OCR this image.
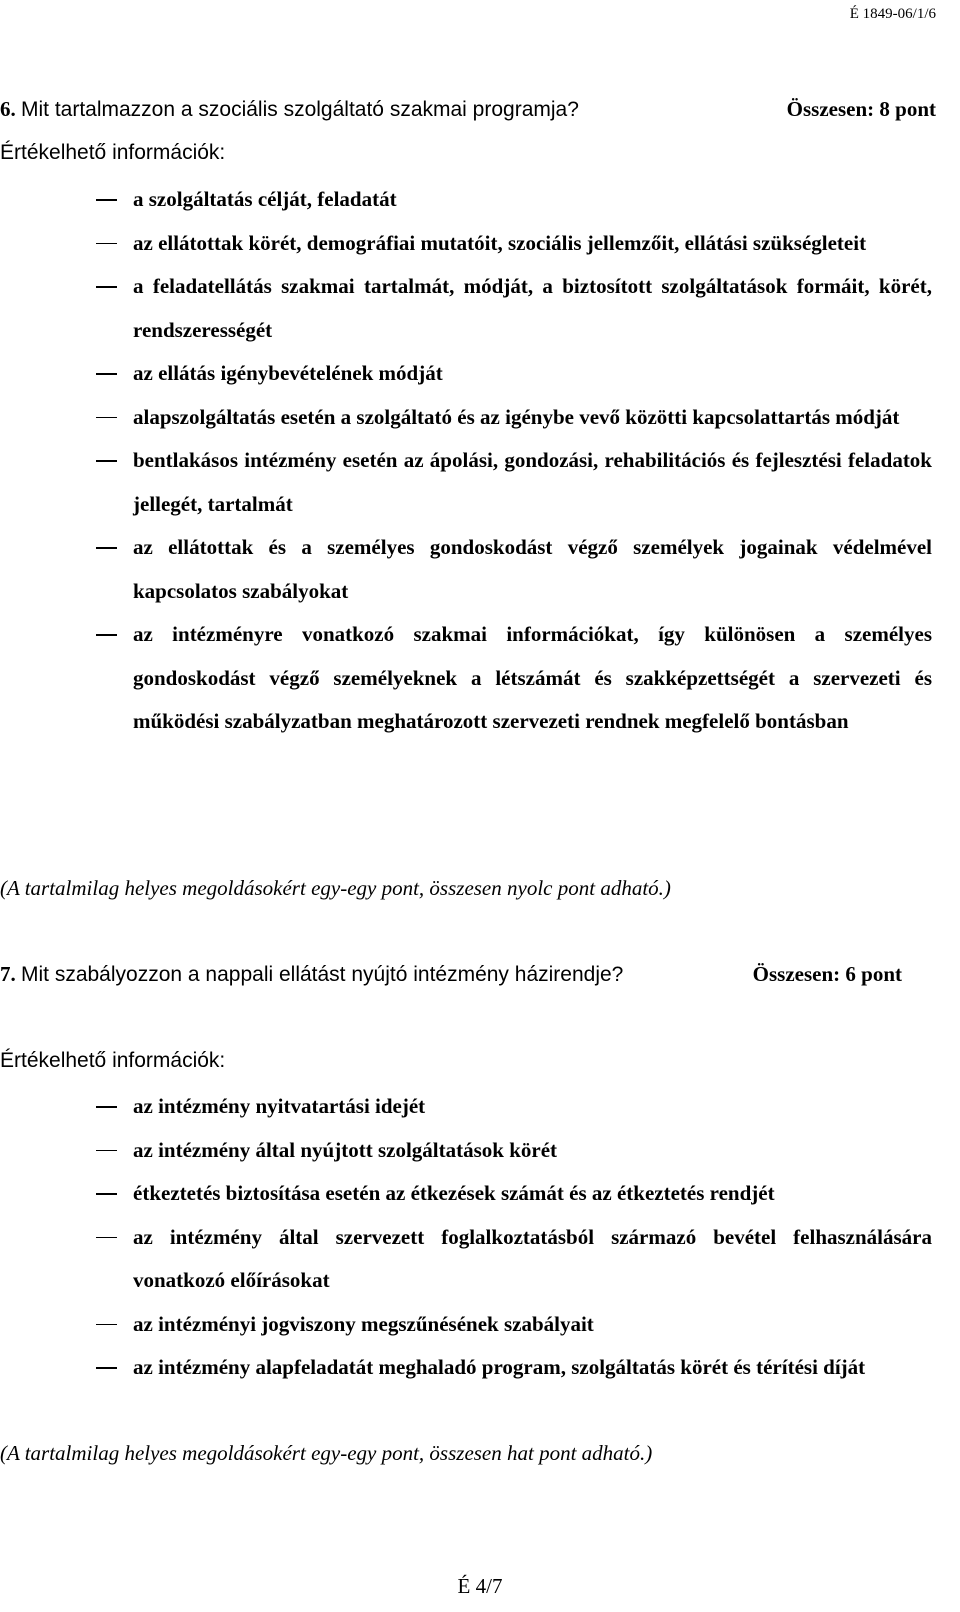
É 1849-06/1/6
6. Mit tartalmazzon a szociális szolgáltató szakmai programja?	Összesen: 8 pont
Értékelhető információk:
a szolgáltatás célját, feladatát
az ellátottak körét, demográfiai mutatóit, szociális jellemzőit, ellátási szükségleteit
a feladatellátás szakmai tartalmát, módját, a biztosított szolgáltatások formáit, körét, rendszerességét
az ellátás igénybevételének módját
alapszolgáltatás esetén a szolgáltató és az igénybe vevő közötti kapcsolattartás módját
bentlakásos intézmény esetén az ápolási, gondozási, rehabilitációs és fejlesztési feladatok jellegét, tartalmát
az ellátottak és a személyes gondoskodást végző személyek jogainak védelmével kapcsolatos szabályokat
az intézményre vonatkozó szakmai információkat, így különösen a személyes gondoskodást végző személyeknek a létszámát és szakképzettségét a szervezeti és működési szabályzatban meghatározott szervezeti rendnek megfelelő bontásban
(A tartalmilag helyes megoldásokért egy-egy pont, összesen nyolc pont adható.)
7. Mit szabályozzon a nappali ellátást nyújtó intézmény házirendje?	Összesen: 6 pont
Értékelhető információk:
az intézmény nyitvatartási idejét
az intézmény által nyújtott szolgáltatások körét
étkeztetés biztosítása esetén az étkezések számát és az étkeztetés rendjét
az intézmény által szervezett foglalkoztatásból származó bevétel felhasználására vonatkozó előírásokat
az intézményi jogviszony megszűnésének szabályait
az intézmény alapfeladatát meghaladó program, szolgáltatás körét és térítési díját
(A tartalmilag helyes megoldásokért egy-egy pont, összesen hat pont adható.)
É 4/7
